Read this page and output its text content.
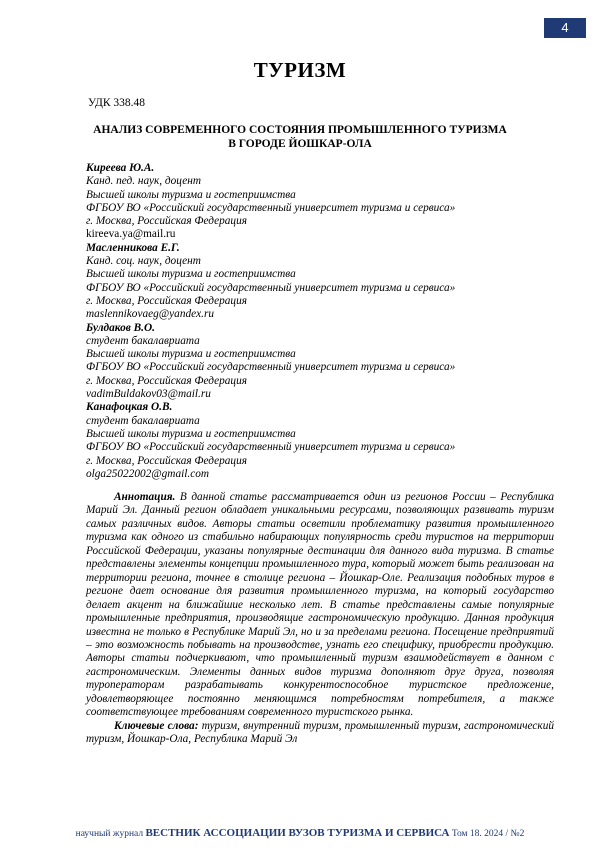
4
ТУРИЗМ
УДК 338.48
АНАЛИЗ СОВРЕМЕННОГО СОСТОЯНИЯ ПРОМЫШЛЕННОГО ТУРИЗМА
В ГОРОДЕ ЙОШКАР-ОЛА
Киреева Ю.А.
Канд. пед. наук, доцент
Высшей школы туризма и гостеприимства
ФГБОУ ВО «Российский государственный университет туризма и сервиса»
г. Москва, Российская Федерация
kireeva.ya@mail.ru
Масленникова Е.Г.
Канд. соц. наук, доцент
Высшей школы туризма и гостеприимства
ФГБОУ ВО «Российский государственный университет туризма и сервиса»
г. Москва, Российская Федерация
maslennikovaeg@yandex.ru
Булдаков В.О.
студент бакалавриата
Высшей школы туризма и гостеприимства
ФГБОУ ВО «Российский государственный университет туризма и сервиса»
г. Москва, Российская Федерация
vadimBuldakov03@mail.ru
Канафоцкая О.В.
студент бакалавриата
Высшей школы туризма и гостеприимства
ФГБОУ ВО «Российский государственный университет туризма и сервиса»
г. Москва, Российская Федерация
olga25022002@gmail.com

Аннотация. В данной статье рассматривается один из регионов России – Республика Марий Эл. Данный регион обладает уникальными ресурсами, позволяющих развивать туризм самых различных видов. Авторы статьи осветили проблематику развития промышленного туризма как одного из стабильно набирающих популярность среди туристов на территории Российской Федерации, указаны популярные дестинации для данного вида туризма. В статье представлены элементы концепции промышленного тура, который может быть реализован на территории региона, точнее в столице региона – Йошкар-Оле. Реализация подобных туров в регионе дает основание для развития промышленного туризма, на который государство делает акцент на ближайшие несколько лет. В статье представлены самые популярные промышленные предприятия, производящие гастрономическую продукцию. Данная продукция известна не только в Республике Марий Эл, но и за пределами региона. Посещение предприятий – это возможность побывать на производстве, узнать его специфику, приобрести продукцию. Авторы статьи подчеркивают, что промышленный туризм взаимодействует в данном с гастрономическим. Элементы данных видов туризма дополняют друг друга, позволяя туроператорам разрабатывать конкурентоспособное туристское предложение, удовлетворяющее постоянно меняющимся потребностям потребителя, а также соответствующее требованиям современного туристского рынка.

Ключевые слова: туризм, внутренний туризм, промышленный туризм, гастрономический туризм, Йошкар-Ола, Республика Марий Эл

научный журнал ВЕСТНИК АССОЦИАЦИИ ВУЗОВ ТУРИЗМА И СЕРВИСА Том 18. 2024 / №2
